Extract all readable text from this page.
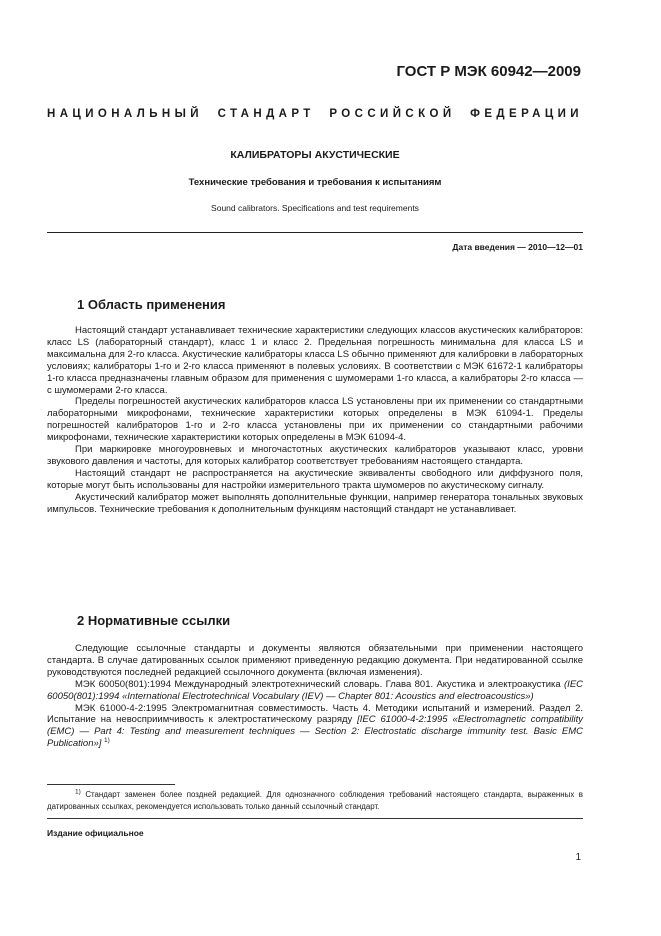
ГОСТ Р МЭК 60942—2009
НАЦИОНАЛЬНЫЙ СТАНДАРТ РОССИЙСКОЙ ФЕДЕРАЦИИ
КАЛИБРАТОРЫ АКУСТИЧЕСКИЕ
Технические требования и требования к испытаниям
Sound calibrators. Specifications and test requirements
Дата введения — 2010—12—01
1 Область применения

Настоящий стандарт устанавливает технические характеристики следующих классов акустических калибраторов: класс LS (лабораторный стандарт), класс 1 и класс 2. Предельная погрешность минимальна для класса LS и максимальна для 2-го класса. Акустические калибраторы класса LS обычно применяют для калибровки в лабораторных условиях; калибраторы 1-го и 2-го класса применяют в полевых условиях. В соответствии с МЭК 61672-1 калибраторы 1-го класса предназначены главным образом для применения с шумомерами 1-го класса, а калибраторы 2-го класса — с шумомерами 2-го класса.

Пределы погрешностей акустических калибраторов класса LS установлены при их применении со стандартными лабораторными микрофонами, технические характеристики которых определены в МЭК 61094-1. Пределы погрешностей калибраторов 1-го и 2-го класса установлены при их применении со стандартными рабочими микрофонами, технические характеристики которых определены в МЭК 61094-4.

При маркировке многоуровневых и многочастотных акустических калибраторов указывают класс, уровни звукового давления и частоты, для которых калибратор соответствует требованиям настоящего стандарта.

Настоящий стандарт не распространяется на акустические эквиваленты свободного или диффузного поля, которые могут быть использованы для настройки измерительного тракта шумомеров по акустическому сигналу.

Акустический калибратор может выполнять дополнительные функции, например генератора тональных звуковых импульсов. Технические требования к дополнительным функциям настоящий стандарт не устанавливает.

2 Нормативные ссылки

Следующие ссылочные стандарты и документы являются обязательными при применении настоящего стандарта. В случае датированных ссылок применяют приведенную редакцию документа. При недатированной ссылке руководствуются последней редакцией ссылочного документа (включая изменения).

МЭК 60050(801):1994 Международный электротехнический словарь. Глава 801. Акустика и электроакустика (IEC 60050(801):1994 «International Electrotechnical Vocabulary (IEV) — Chapter 801: Acoustics and electroacoustics»)

МЭК 61000-4-2:1995 Электромагнитная совместимость. Часть 4. Методики испытаний и измерений. Раздел 2. Испытание на невосприимчивость к электростатическому разряду [IEC 61000-4-2:1995 «Electromagnetic compatibility (EMC) — Part 4: Testing and measurement techniques — Section 2: Electrostatic discharge immunity test. Basic EMC Publication»] $^{1)}$

$^{1)}$ Стандарт заменен более поздней редакцией. Для однозначного соблюдения требований настоящего стандарта, выраженных в датированных ссылках, рекомендуется использовать только данный ссылочный стандарт.

Издание официальное
1
